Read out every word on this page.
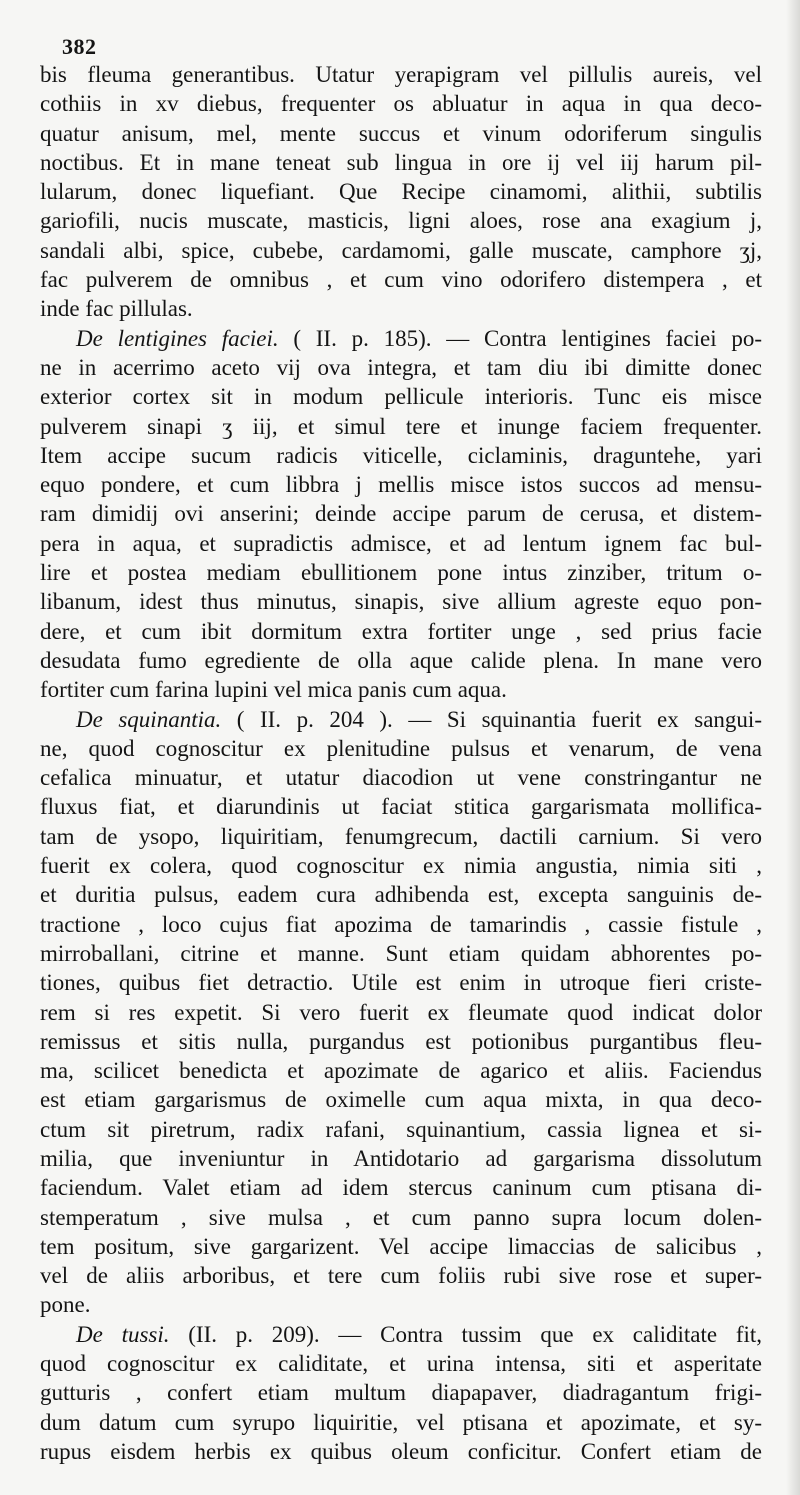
382
bis fleuma generantibus. Utatur yerapigram vel pillulis aureis, vel
cothiis in xv diebus, frequenter os abluatur in aqua in qua deco-
quatur anisum, mel, mente succus et vinum odoriferum singulis
noctibus. Et in mane teneat sub lingua in ore ij vel iij harum pil-
lularum, donec liquefiant. Que Recipe cinamomi, alithii, subtilis
gariofili, nucis muscate, masticis, ligni aloes, rose ana exagium j,
sandali albi, spice, cubebe, cardamomi, galle muscate, camphore ʒj,
fac pulverem de omnibus , et cum vino odorifero distempera , et
inde fac pillulas.
De lentigines faciei. ( II. p. 185). — Contra lentigines faciei po-
ne in acerrimo aceto vij ova integra, et tam diu ibi dimitte donec
exterior cortex sit in modum pellicule interioris. Tunc eis misce
pulverem sinapi ʒ iij, et simul tere et inunge faciem frequenter.
Item accipe sucum radicis viticelle, ciclaminis, draguntehe, yari
equo pondere, et cum libbra j mellis misce istos succos ad mensu-
ram dimidij ovi anserini; deinde accipe parum de cerusa, et distem-
pera in aqua, et supradictis admisce, et ad lentum ignem fac bul-
lire et postea mediam ebullitionem pone intus zinziber, tritum o-
libanum, idest thus minutus, sinapis, sive allium agreste equo pon-
dere, et cum ibit dormitum extra fortiter unge , sed prius facie
desudata fumo egrediente de olla aque calide plena. In mane vero
fortiter cum farina lupini vel mica panis cum aqua.
De squinantia. ( II. p. 204 ). — Si squinantia fuerit ex sangui-
ne, quod cognoscitur ex plenitudine pulsus et venarum, de vena
cefalica minuatur, et utatur diacodion ut vene constringantur ne
fluxus fiat, et diarundinis ut faciat stitica gargarismata mollifica-
tam de ysopo, liquiritiam, fenumgrecum, dactili carnium. Si vero
fuerit ex colera, quod cognoscitur ex nimia angustia, nimia siti ,
et duritia pulsus, eadem cura adhibenda est, excepta sanguinis de-
tractione , loco cujus fiat apozima de tamarindis , cassie fistule ,
mirroballani, citrine et manne. Sunt etiam quidam abhorentes po-
tiones, quibus fiet detractio. Utile est enim in utroque fieri criste-
rem si res expetit. Si vero fuerit ex fleumate quod indicat dolor
remissus et sitis nulla, purgandus est potionibus purgantibus fleu-
ma, scilicet benedicta et apozimate de agarico et aliis. Faciendus
est etiam gargarismus de oximelle cum aqua mixta, in qua deco-
ctum sit piretrum, radix rafani, squinantium, cassia lignea et si-
milia, que inveniuntur in Antidotario ad gargarisma dissolutum
faciendum. Valet etiam ad idem stercus caninum cum ptisana di-
stemperatum , sive mulsa , et cum panno supra locum dolen-
tem positum, sive gargarizent. Vel accipe limaccias de salicibus ,
vel de aliis arboribus, et tere cum foliis rubi sive rose et super-
pone.
De tussi. (II. p. 209). — Contra tussim que ex caliditate fit,
quod cognoscitur ex caliditate, et urina intensa, siti et asperitate
gutturis , confert etiam multum diapapaver, diadragantum frigi-
dum datum cum syrupo liquiritie, vel ptisana et apozimate, et sy-
rupus eisdem herbis ex quibus oleum conficitur. Confert etiam de
